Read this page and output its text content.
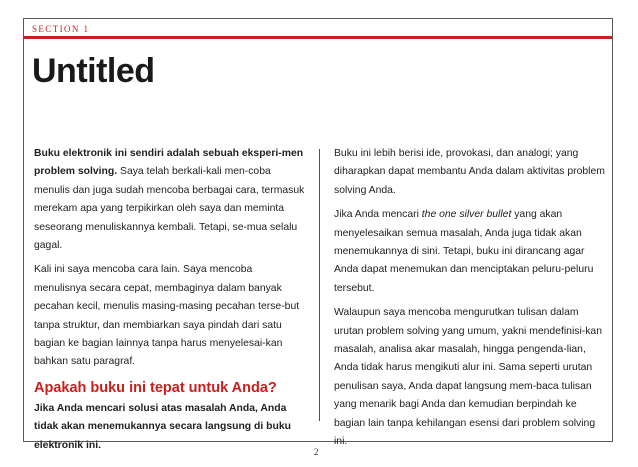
SECTION 1
Untitled

Buku elektronik ini sendiri adalah sebuah eksperi-men problem solving. Saya telah berkali-kali men-coba menulis dan juga sudah mencoba berbagai cara, termasuk merekam apa yang terpikirkan oleh saya dan meminta seseorang menuliskannya kembali. Tetapi, se-mua selalu gagal.

Kali ini saya mencoba cara lain. Saya mencoba menulisnya secara cepat, membaginya dalam banyak pecahan kecil, menulis masing-masing pecahan terse-but tanpa struktur, dan membiarkan saya pindah dari satu bagian ke bagian lainnya tanpa harus menyelesai-kan bahkan satu paragraf.

Apakah buku ini tepat untuk Anda?

Jika Anda mencari solusi atas masalah Anda, Anda tidak akan menemukannya secara langsung di buku elektronik ini.

Buku ini lebih berisi ide, provokasi, dan analogi; yang diharapkan dapat membantu Anda dalam aktivitas problem solving Anda.

Jika Anda mencari the one silver bullet yang akan menyelesaikan semua masalah, Anda juga tidak akan menemukannya di sini. Tetapi, buku ini dirancang agar Anda dapat menemukan dan menciptakan peluru-peluru tersebut.

Walaupun saya mencoba mengurutkan tulisan dalam urutan problem solving yang umum, yakni mendefinisi-kan masalah, analisa akar masalah, hingga pengenda-lian, Anda tidak harus mengikuti alur ini. Sama seperti urutan penulisan saya, Anda dapat langsung mem-baca tulisan yang menarik bagi Anda dan kemudian berpindah ke bagian lain tanpa kehilangan esensi dari problem solving ini.

2
